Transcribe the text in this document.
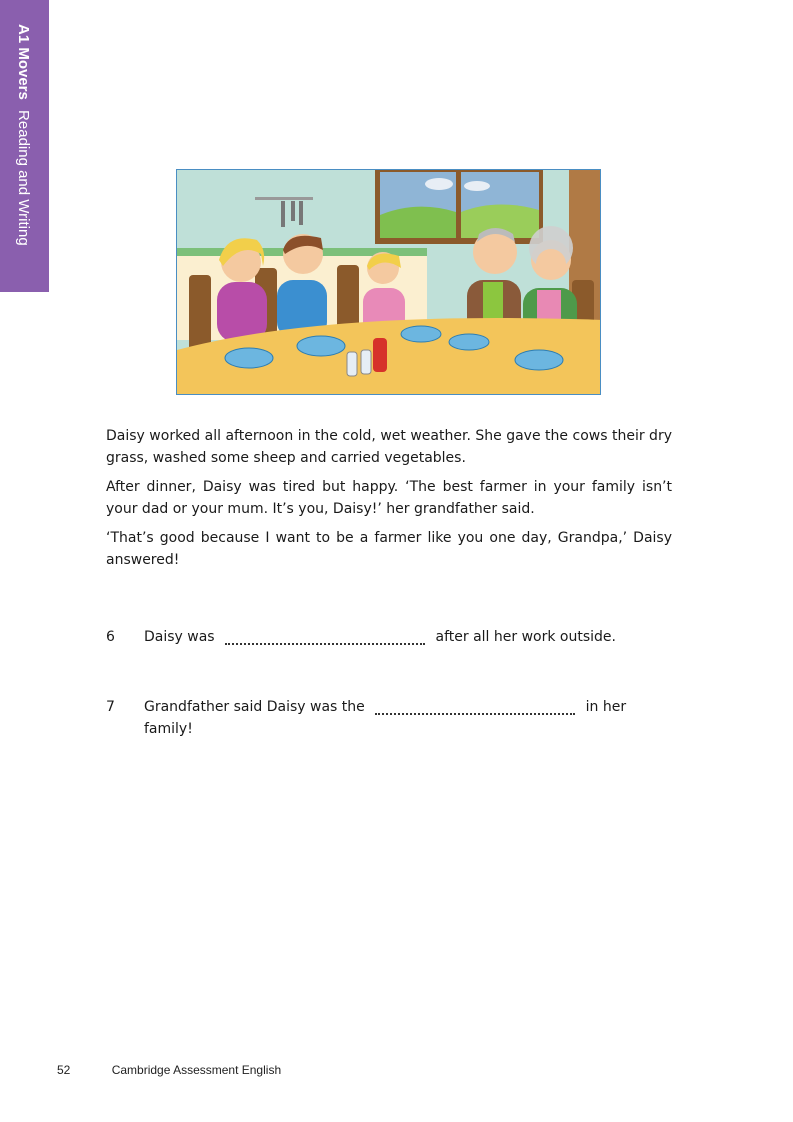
A1 Movers Reading and Writing

Daisy worked all afternoon in the cold, wet weather. She gave the cows their dry grass, washed some sheep and carried vegetables.

After dinner, Daisy was tired but happy. ‘The best farmer in your family isn’t your dad or your mum. It’s you, Daisy!’ her grandfather said.

‘That’s good because I want to be a farmer like you one day, Grandpa,’ Daisy answered!

6	Daisy was	after all her work outside.
7	Grandfather said Daisy was the	in her family!
52	Cambridge Assessment English
